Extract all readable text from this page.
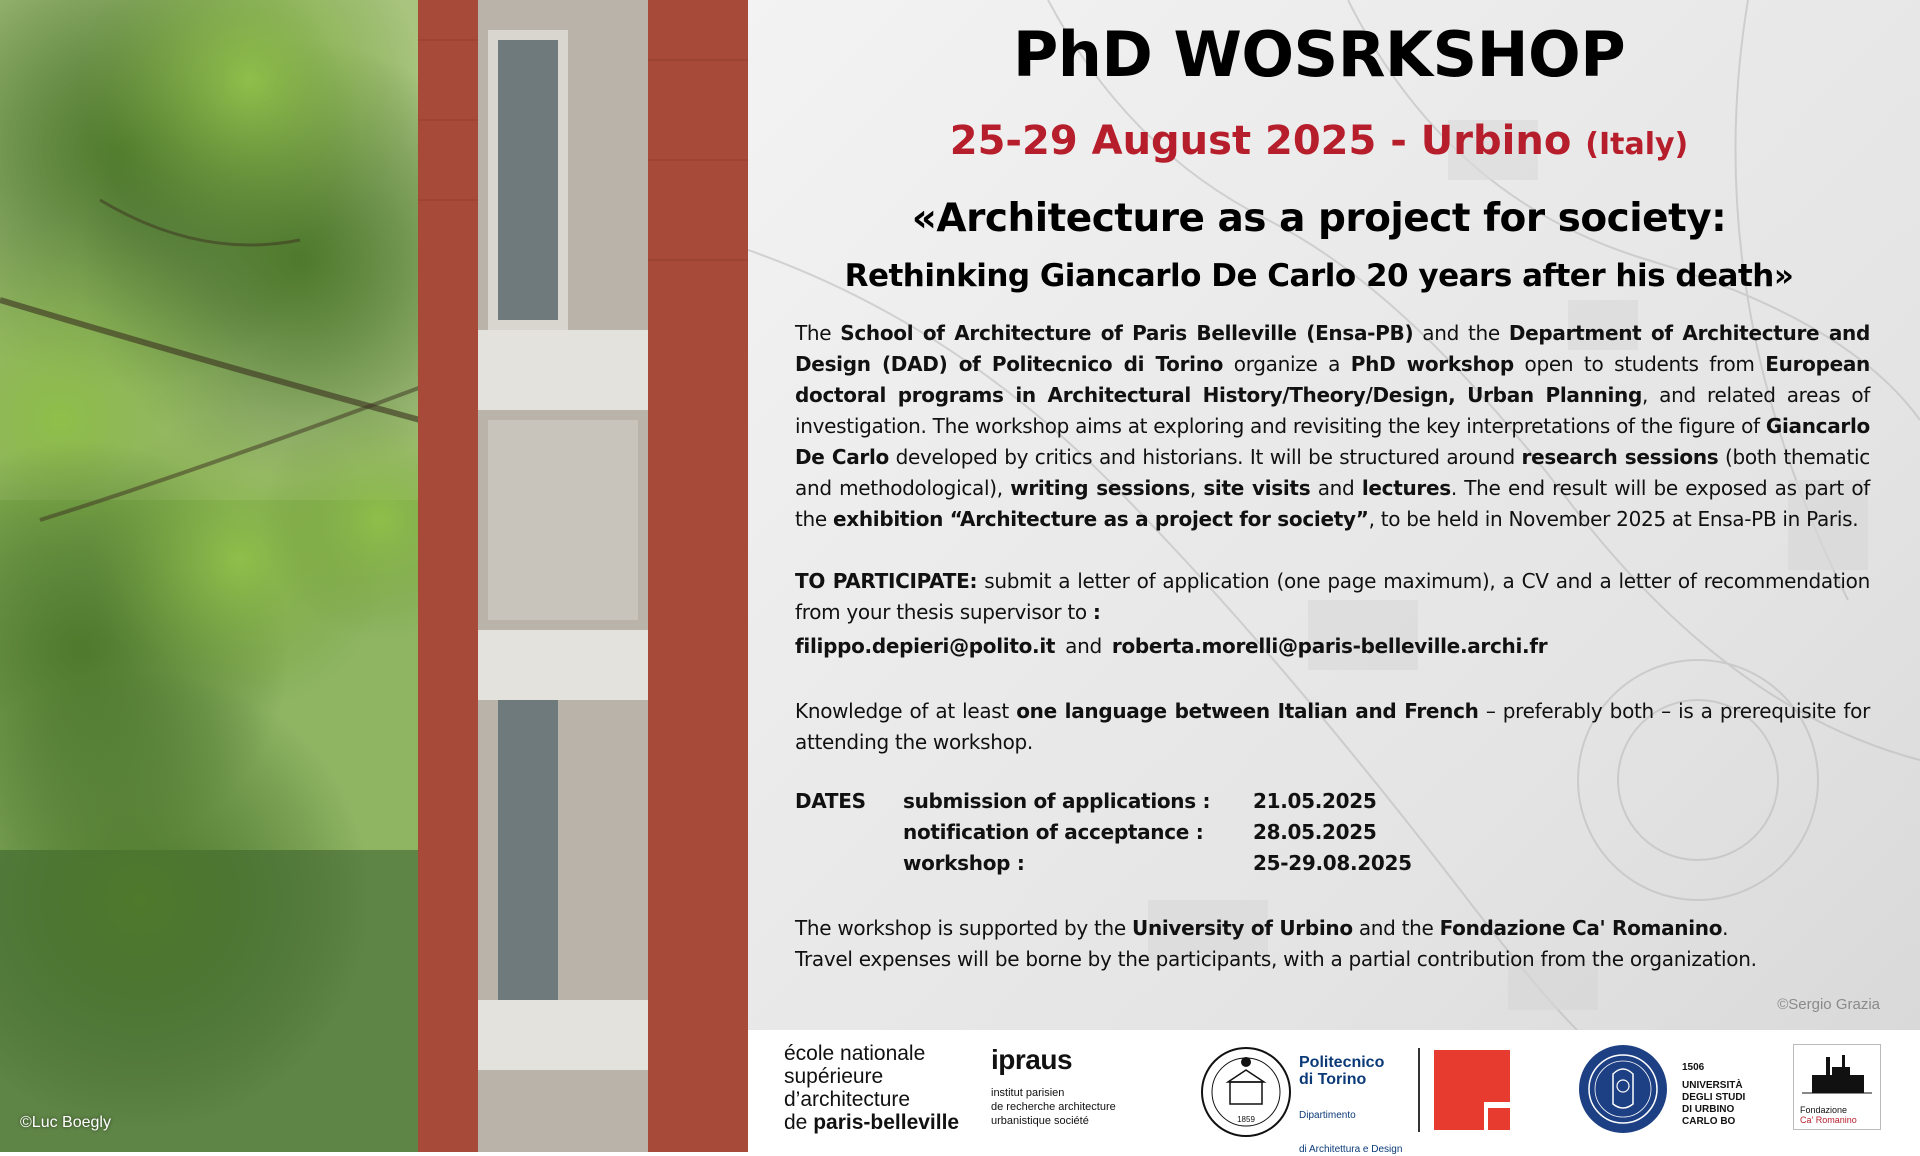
©Luc Boegly
PhD WOSRKSHOP
25-29 August 2025 - Urbino (Italy)
«Architecture as a project for society:
Rethinking Giancarlo De Carlo 20 years after his death»
The School of Architecture of Paris Belleville (Ensa-PB) and the Department of Architecture and Design (DAD) of Politecnico di Torino organize a PhD workshop open to students from European doctoral programs in Architectural History/Theory/Design, Urban Planning, and related areas of investigation. The workshop aims at exploring and revisiting the key interpretations of the figure of Giancarlo De Carlo developed by critics and historians. It will be structured around research sessions (both thematic and methodological), writing sessions, site visits and lectures. The end result will be exposed as part of the exhibition “Architecture as a project for society”, to be held in November 2025 at Ensa-PB in Paris.
TO PARTICIPATE: submit a letter of application (one page maximum), a CV and a letter of recommendation from your thesis supervisor to :
filippo.depieri@polito.it and roberta.morelli@paris-belleville.archi.fr
Knowledge of at least one language between Italian and French – preferably both – is a prerequisite for attending the workshop.
DATES submission of applications : 21.05.2025
notification of acceptance : 28.05.2025
workshop :	25-29.08.2025
The workshop is supported by the University of Urbino and the Fondazione Ca' Romanino.
Travel expenses will be borne by the participants, with a partial contribution from the organization.
©Sergio Grazia
école nationale
supérieure
d’architecture
de paris-belleville
ipraus
institut parisien
de recherche architecture
urbanistique société	1859
Politecnico
di Torino
Dipartimento
di Architettura e Design
1506
UNIVERSITÀ
DEGLI STUDI
DI URBINO
CARLO BO
Fondazione
Ca' Romanino
